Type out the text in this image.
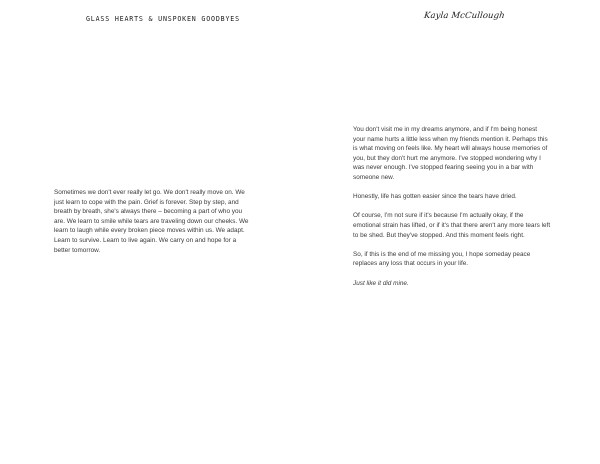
GLASS HEARTS & UNSPOKEN GOODBYES

Sometimes we don't ever really let go. We don't really move on. We just learn to cope with the pain. Grief is forever. Step by step, and breath by breath, she's always there – becoming a part of who you are. We learn to smile while tears are traveling down our cheeks. We learn to laugh while every broken piece moves within us. We adapt. Learn to survive. Learn to live again. We carry on and hope for a better tomorrow.

Kayla McCullough

You don't visit me in my dreams anymore, and if I'm being honest your name hurts a little less when my friends mention it. Perhaps this is what moving on feels like. My heart will always house memories of you, but they don't hurt me anymore. I've stopped wondering why I was never enough. I've stopped fearing seeing you in a bar with someone new.

Honestly, life has gotten easier since the tears have dried.

Of course, I'm not sure if it's because I'm actually okay, if the emotional strain has lifted, or if it's that there aren't any more tears left to be shed. But they've stopped. And this moment feels right.

So, if this is the end of me missing you, I hope someday peace replaces any loss that occurs in your life.

Just like it did mine.
